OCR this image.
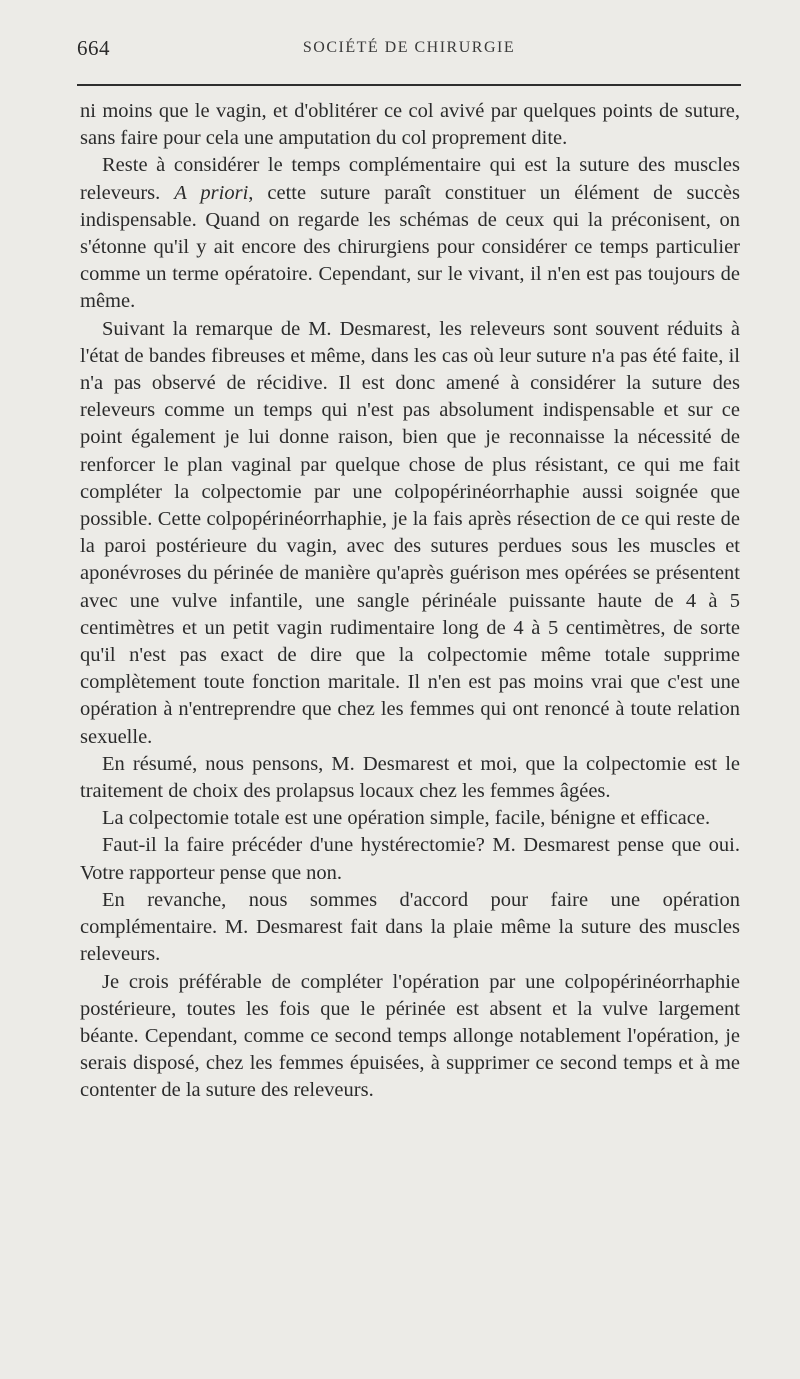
664	SOCIÉTÉ DE CHIRURGIE

ni moins que le vagin, et d'oblitérer ce col avivé par quelques points de suture, sans faire pour cela une amputation du col proprement dite.

Reste à considérer le temps complémentaire qui est la suture des muscles releveurs. A priori, cette suture paraît constituer un élément de succès indispensable. Quand on regarde les schémas de ceux qui la préconisent, on s'étonne qu'il y ait encore des chirurgiens pour considérer ce temps particulier comme un terme opératoire. Cependant, sur le vivant, il n'en est pas toujours de même.

Suivant la remarque de M. Desmarest, les releveurs sont souvent réduits à l'état de bandes fibreuses et même, dans les cas où leur suture n'a pas été faite, il n'a pas observé de récidive. Il est donc amené à considérer la suture des releveurs comme un temps qui n'est pas absolument indispensable et sur ce point également je lui donne raison, bien que je reconnaisse la nécessité de renforcer le plan vaginal par quelque chose de plus résistant, ce qui me fait compléter la colpectomie par une colpopérinéorrhaphie aussi soignée que possible. Cette colpopérinéorrhaphie, je la fais après résection de ce qui reste de la paroi postérieure du vagin, avec des sutures perdues sous les muscles et aponévroses du périnée de manière qu'après guérison mes opérées se présentent avec une vulve infantile, une sangle périnéale puissante haute de 4 à 5 centimètres et un petit vagin rudimentaire long de 4 à 5 centimètres, de sorte qu'il n'est pas exact de dire que la colpectomie même totale supprime complètement toute fonction maritale. Il n'en est pas moins vrai que c'est une opération à n'entreprendre que chez les femmes qui ont renoncé à toute relation sexuelle.

En résumé, nous pensons, M. Desmarest et moi, que la colpectomie est le traitement de choix des prolapsus locaux chez les femmes âgées.

La colpectomie totale est une opération simple, facile, bénigne et efficace.

Faut-il la faire précéder d'une hystérectomie? M. Desmarest pense que oui. Votre rapporteur pense que non.

En revanche, nous sommes d'accord pour faire une opération complémentaire. M. Desmarest fait dans la plaie même la suture des muscles releveurs.

Je crois préférable de compléter l'opération par une colpopérinéorrhaphie postérieure, toutes les fois que le périnée est absent et la vulve largement béante. Cependant, comme ce second temps allonge notablement l'opération, je serais disposé, chez les femmes épuisées, à supprimer ce second temps et à me contenter de la suture des releveurs.
